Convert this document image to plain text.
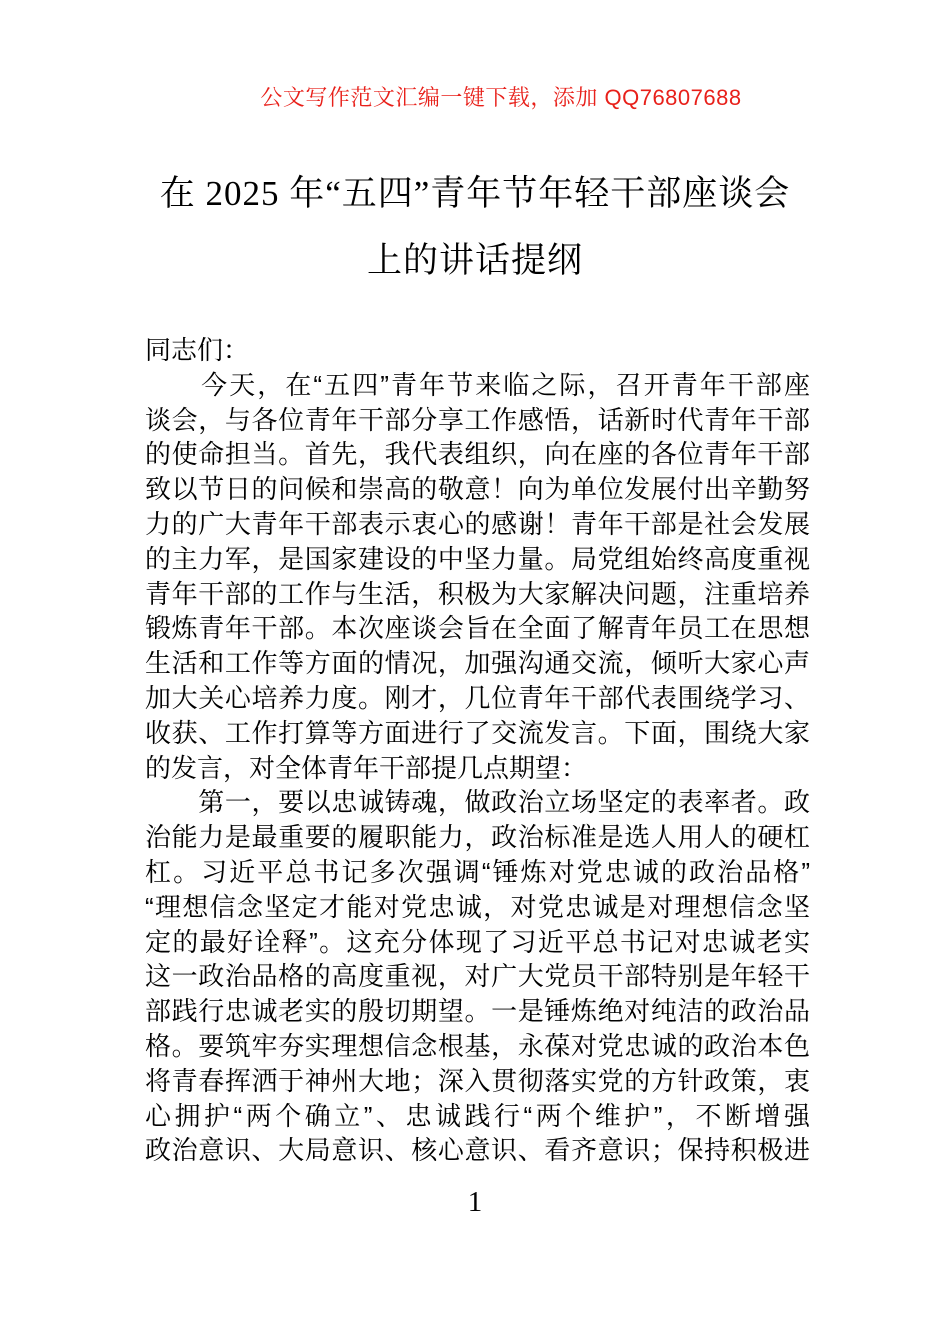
公文写作范文汇编一键下载，添加 QQ76807688
在 2025 年“五四”青年节年轻干部座谈会
上的讲话提纲
同志们：
　　今天，在“五四”青年节来临之际，召开青年干部座
谈会，与各位青年干部分享工作感悟，话新时代青年干部
的使命担当。首先，我代表组织，向在座的各位青年干部
致以节日的问候和崇高的敬意！向为单位发展付出辛勤努
力的广大青年干部表示衷心的感谢！青年干部是社会发展
的主力军，是国家建设的中坚力量。局党组始终高度重视
青年干部的工作与生活，积极为大家解决问题，注重培养
锻炼青年干部。本次座谈会旨在全面了解青年员工在思想
生活和工作等方面的情况，加强沟通交流，倾听大家心声
加大关心培养力度。刚才，几位青年干部代表围绕学习、
收获、工作打算等方面进行了交流发言。下面，围绕大家
的发言，对全体青年干部提几点期望：
　　第一，要以忠诚铸魂，做政治立场坚定的表率者。政
治能力是最重要的履职能力，政治标准是选人用人的硬杠
杠。习近平总书记多次强调“锤炼对党忠诚的政治品格”
“理想信念坚定才能对党忠诚，对党忠诚是对理想信念坚
定的最好诠释”。这充分体现了习近平总书记对忠诚老实
这一政治品格的高度重视，对广大党员干部特别是年轻干
部践行忠诚老实的殷切期望。一是锤炼绝对纯洁的政治品
格。要筑牢夯实理想信念根基，永葆对党忠诚的政治本色
将青春挥洒于神州大地；深入贯彻落实党的方针政策，衷
心拥护“两个确立”、忠诚践行“两个维护”，不断增强
政治意识、大局意识、核心意识、看齐意识；保持积极进
1
